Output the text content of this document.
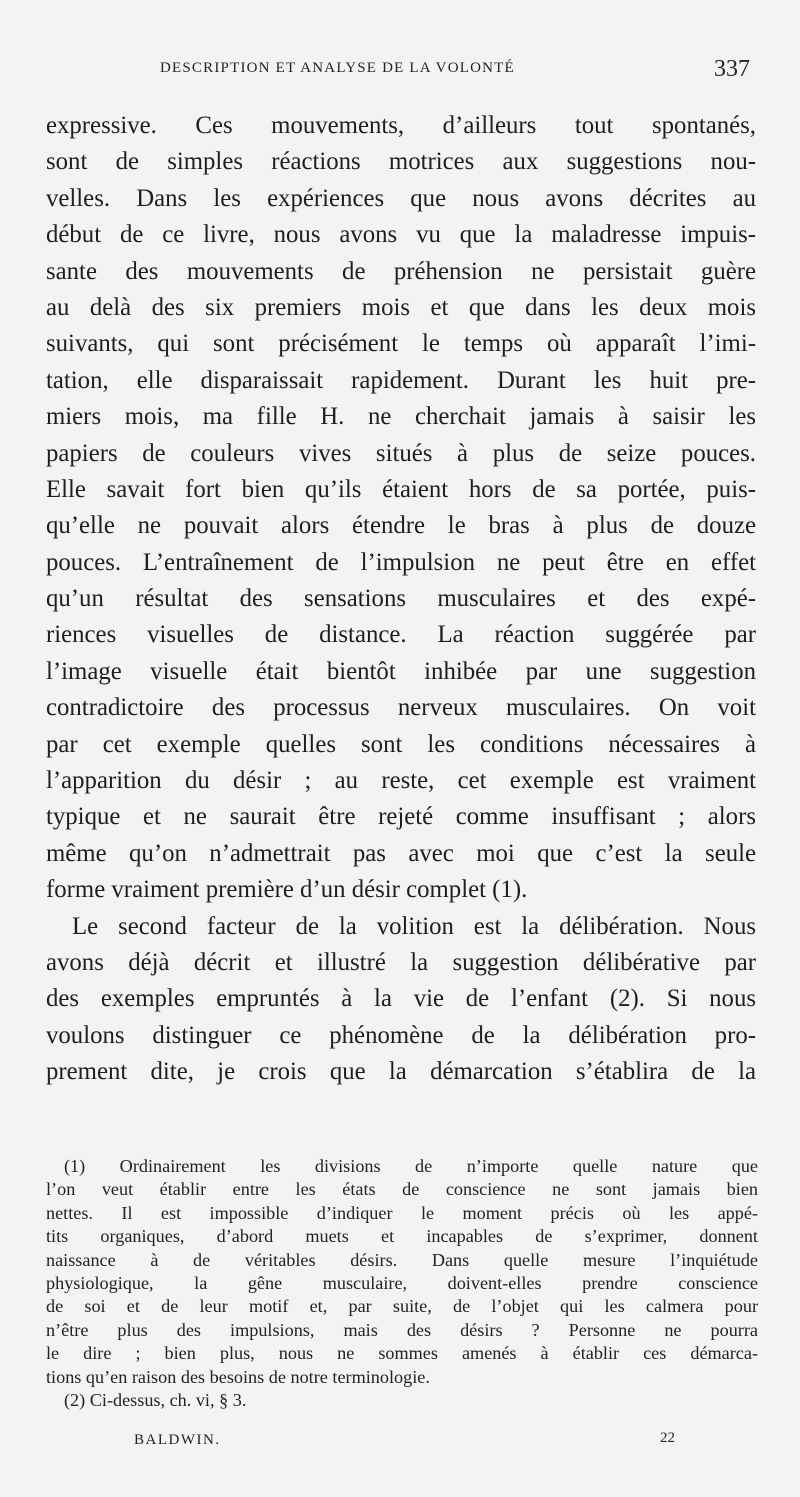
DESCRIPTION ET ANALYSE DE LA VOLONTÉ	337
expressive. Ces mouvements, d’ailleurs tout spontanés,
sont de simples réactions motrices aux suggestions nou-
velles. Dans les expériences que nous avons décrites au
début de ce livre, nous avons vu que la maladresse impuis-
sante des mouvements de préhension ne persistait guère
au delà des six premiers mois et que dans les deux mois
suivants, qui sont précisément le temps où apparaît l’imi-
tation, elle disparaissait rapidement. Durant les huit pre-
miers mois, ma fille H. ne cherchait jamais à saisir les
papiers de couleurs vives situés à plus de seize pouces.
Elle savait fort bien qu’ils étaient hors de sa portée, puis-
qu’elle ne pouvait alors étendre le bras à plus de douze
pouces. L’entraînement de l’impulsion ne peut être en effet
qu’un résultat des sensations musculaires et des expé-
riences visuelles de distance. La réaction suggérée par
l’image visuelle était bientôt inhibée par une suggestion
contradictoire des processus nerveux musculaires. On voit
par cet exemple quelles sont les conditions nécessaires à
l’apparition du désir ; au reste, cet exemple est vraiment
typique et ne saurait être rejeté comme insuffisant ; alors
même qu’on n’admettrait pas avec moi que c’est la seule
forme vraiment première d’un désir complet (1).
Le second facteur de la volition est la délibération. Nous
avons déjà décrit et illustré la suggestion délibérative par
des exemples empruntés à la vie de l’enfant (2). Si nous
voulons distinguer ce phénomène de la délibération pro-
prement dite, je crois que la démarcation s’établira de la
(1) Ordinairement les divisions de n’importe quelle nature que
l’on veut établir entre les états de conscience ne sont jamais bien
nettes. Il est impossible d’indiquer le moment précis où les appé-
tits organiques, d’abord muets et incapables de s’exprimer, donnent
naissance à de véritables désirs. Dans quelle mesure l’inquiétude
physiologique, la gêne musculaire, doivent-elles prendre conscience
de soi et de leur motif et, par suite, de l’objet qui les calmera pour
n’être plus des impulsions, mais des désirs ? Personne ne pourra
le dire ; bien plus, nous ne sommes amenés à établir ces démarca-
tions qu’en raison des besoins de notre terminologie.
(2) Ci-dessus, ch. vi, § 3.
BALDWIN.	22
